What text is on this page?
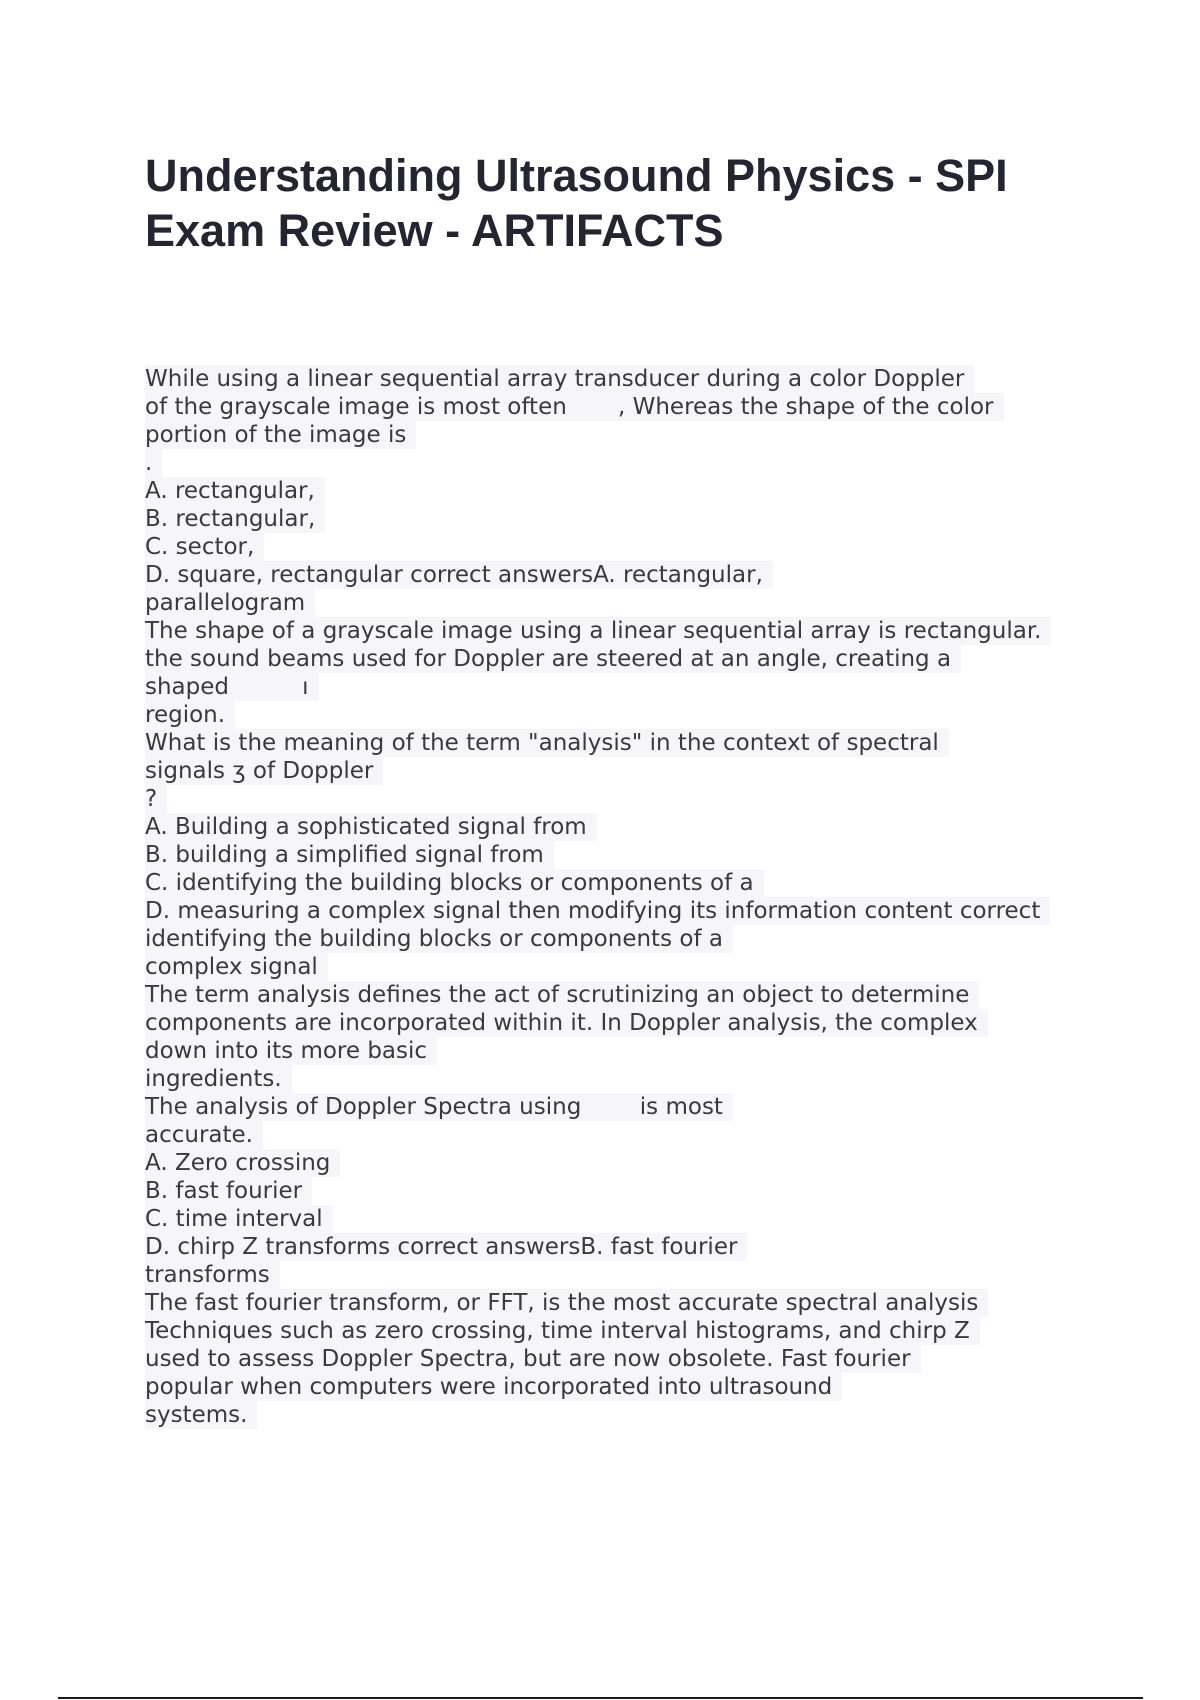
Understanding Ultrasound Physics - SPI Exam Review - ARTIFACTS
While using a linear sequential array transducer during a color Doppler
of the grayscale image is most often       , Whereas the shape of the color
portion of the image is
.
A. rectangular,
B. rectangular,
C. sector,
D. square, rectangular correct answersA. rectangular,
parallelogram
The shape of a grayscale image using a linear sequential array is rectangular.
the sound beams used for Doppler are steered at an angle, creating a
shaped          ı
region.
What is the meaning of the term "analysis" in the context of spectral
signals ʒ of Doppler
?
A. Building a sophisticated signal from
B. building a simplified signal from
C. identifying the building blocks or components of a
D. measuring a complex signal then modifying its information content correct
identifying the building blocks or components of a
complex signal
The term analysis defines the act of scrutinizing an object to determine
components are incorporated within it. In Doppler analysis, the complex
down into its more basic
ingredients.
The analysis of Doppler Spectra using        is most
accurate.
A. Zero crossing
B. fast fourier
C. time interval
D. chirp Z transforms correct answersB. fast fourier
transforms
The fast fourier transform, or FFT, is the most accurate spectral analysis
Techniques such as zero crossing, time interval histograms, and chirp Z
used to assess Doppler Spectra, but are now obsolete. Fast fourier
popular when computers were incorporated into ultrasound
systems.
